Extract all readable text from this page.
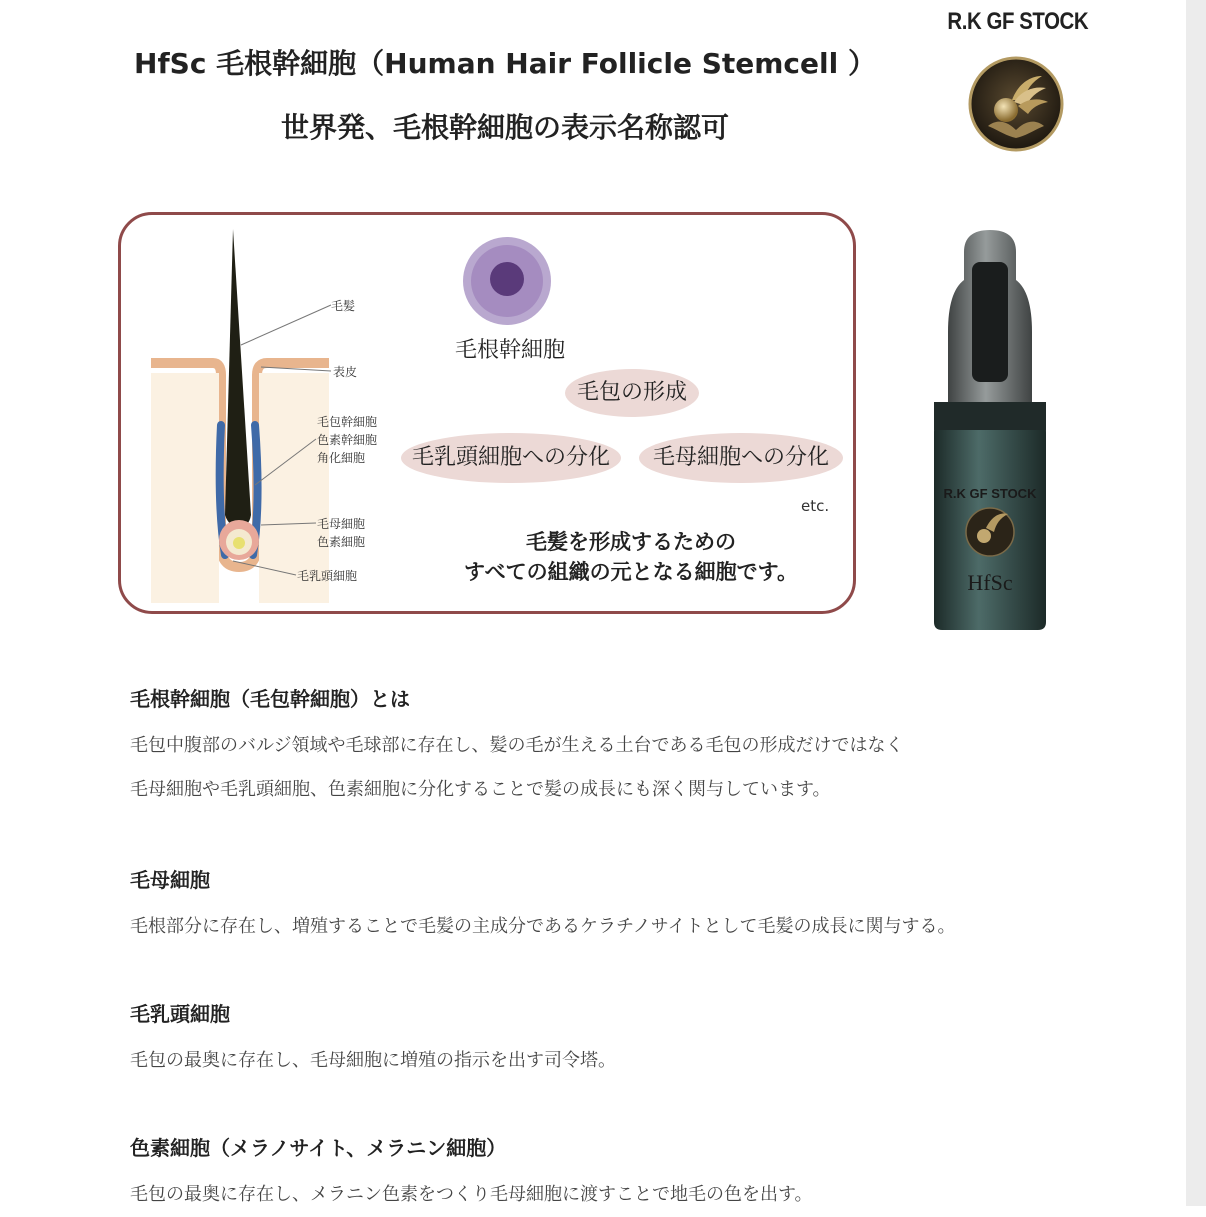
HfSc 毛根幹細胞（Human Hair Follicle Stemcell ）
世界発、毛根幹細胞の表示名称認可
R.K GF STOCK
毛髪
表皮
毛包幹細胞
色素幹細胞
角化細胞
毛母細胞
色素細胞
毛乳頭細胞
毛根幹細胞
毛包の形成
毛乳頭細胞への分化	毛母細胞への分化
etc.
毛髪を形成するための
すべての組織の元となる細胞です。
R.K GF STOCK
HfSc
毛根幹細胞（毛包幹細胞）とは

毛包中腹部のバルジ領域や毛球部に存在し、髪の毛が生える土台である毛包の形成だけではなく
毛母細胞や毛乳頭細胞、色素細胞に分化することで髪の成長にも深く関与しています。

毛母細胞

毛根部分に存在し、増殖することで毛髪の主成分であるケラチノサイトとして毛髪の成長に関与する。

毛乳頭細胞

毛包の最奥に存在し、毛母細胞に増殖の指示を出す司令塔。

色素細胞（メラノサイト、メラニン細胞）

毛包の最奥に存在し、メラニン色素をつくり毛母細胞に渡すことで地毛の色を出す。
